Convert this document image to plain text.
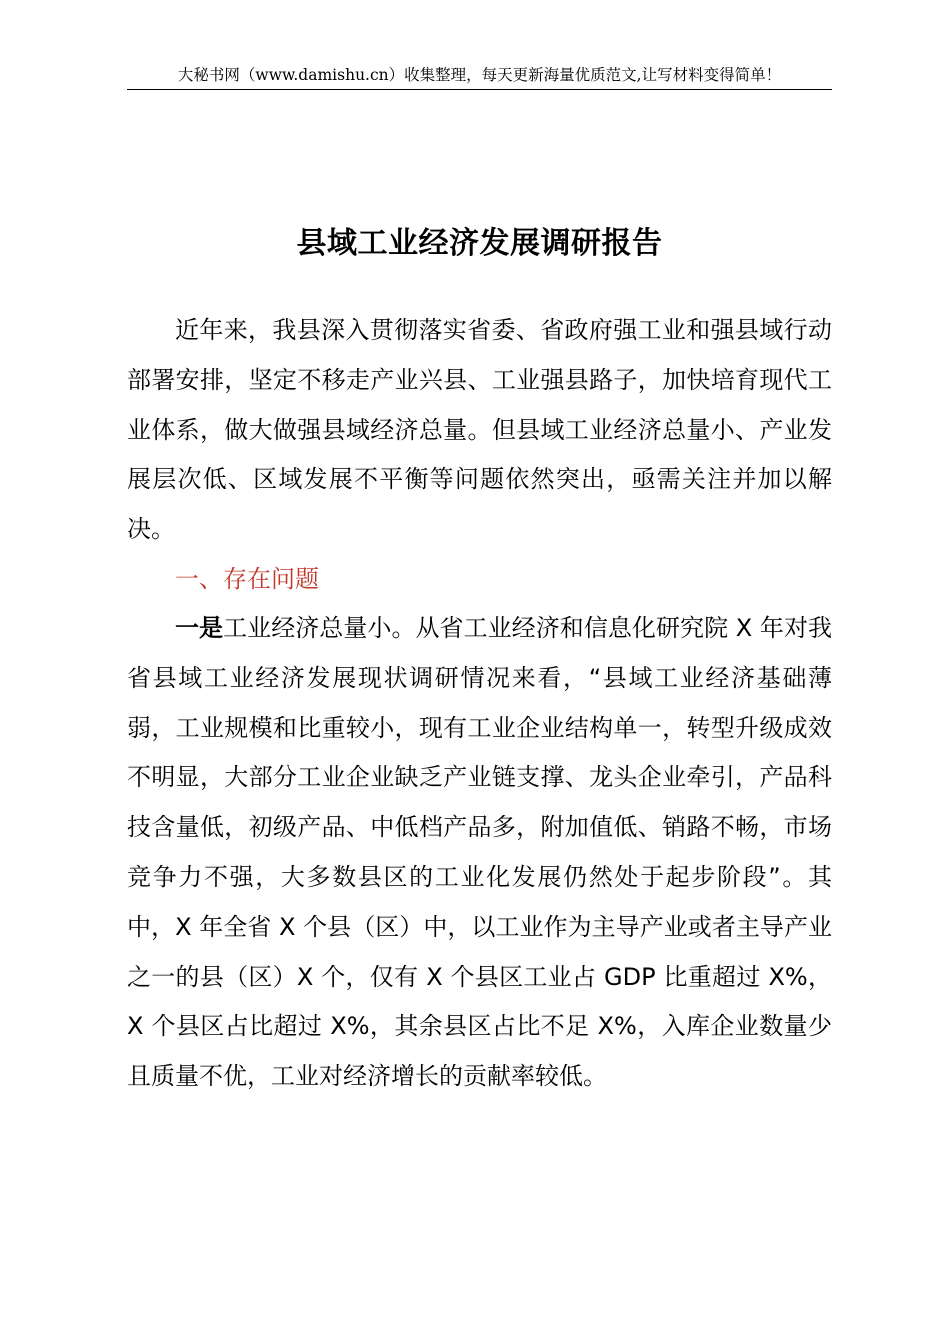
大秘书网（www.damishu.cn）收集整理，每天更新海量优质范文,让写材料变得简单！
县域工业经济发展调研报告

近年来，我县深入贯彻落实省委、省政府强工业和强县域行动部署安排，坚定不移走产业兴县、工业强县路子，加快培育现代工业体系，做大做强县域经济总量。但县域工业经济总量小、产业发展层次低、区域发展不平衡等问题依然突出，亟需关注并加以解决。

一、存在问题

一是工业经济总量小。从省工业经济和信息化研究院 X 年对我省县域工业经济发展现状调研情况来看，“县域工业经济基础薄弱，工业规模和比重较小，现有工业企业结构单一，转型升级成效不明显，大部分工业企业缺乏产业链支撑、龙头企业牵引，产品科技含量低，初级产品、中低档产品多，附加值低、销路不畅，市场竞争力不强，大多数县区的工业化发展仍然处于起步阶段”。其中，X 年全省 X 个县（区）中，以工业作为主导产业或者主导产业之一的县（区）X 个，仅有 X 个县区工业占 GDP 比重超过 X%，X 个县区占比超过 X%，其余县区占比不足 X%，入库企业数量少且质量不优，工业对经济增长的贡献率较低。
